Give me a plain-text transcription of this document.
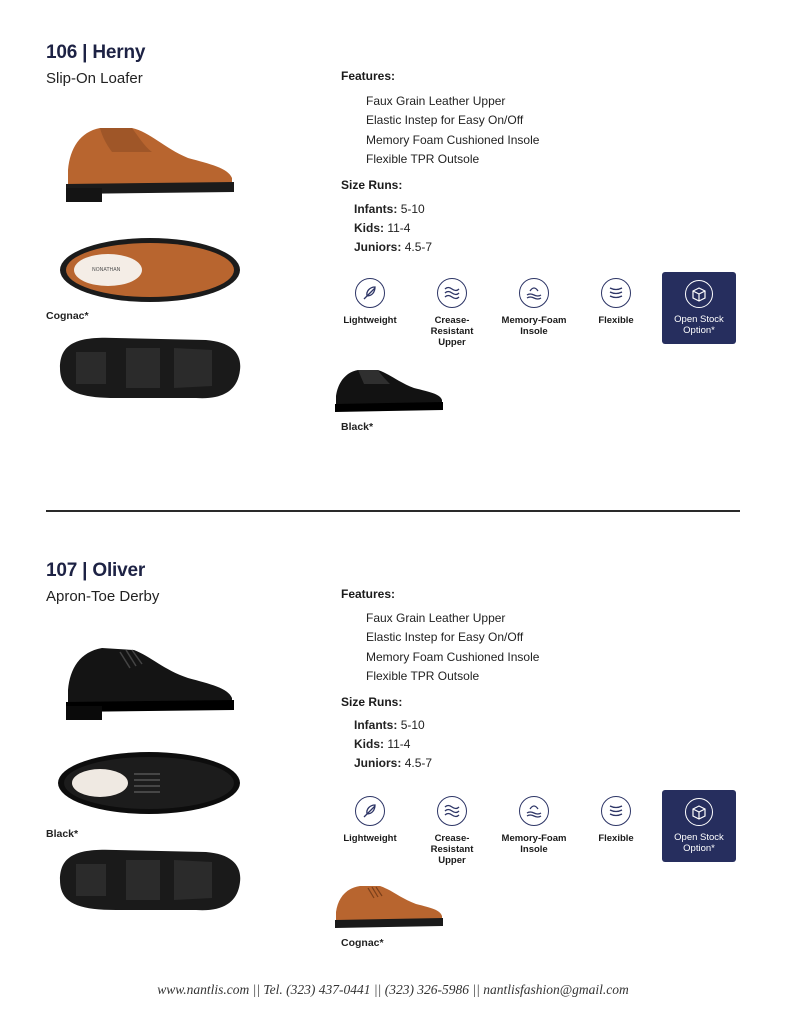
106 | Herny
Slip-On Loafer
NONATHAN
Cognac*
Features:
Faux Grain Leather Upper
Elastic Instep for Easy On/Off
Memory Foam Cushioned Insole
Flexible TPR Outsole
Size Runs:
Infants: 5-10
Kids: 11-4
Juniors: 4.5-7
Lightweight	Crease-Resistant
Upper
Memory-Foam
Insole
Flexible	Open Stock
Option*
Black*
107 | Oliver
Apron-Toe Derby
Black*
Features:
Faux Grain Leather Upper
Elastic Instep for Easy On/Off
Memory Foam Cushioned Insole
Flexible TPR Outsole
Size Runs:
Infants: 5-10
Kids: 11-4
Juniors: 4.5-7
Lightweight	Crease-Resistant
Upper
Memory-Foam
Insole
Flexible	Open Stock
Option*
Cognac*
www.nantlis.com || Tel. (323) 437-0441 || (323) 326-5986 || nantlisfashion@gmail.com
